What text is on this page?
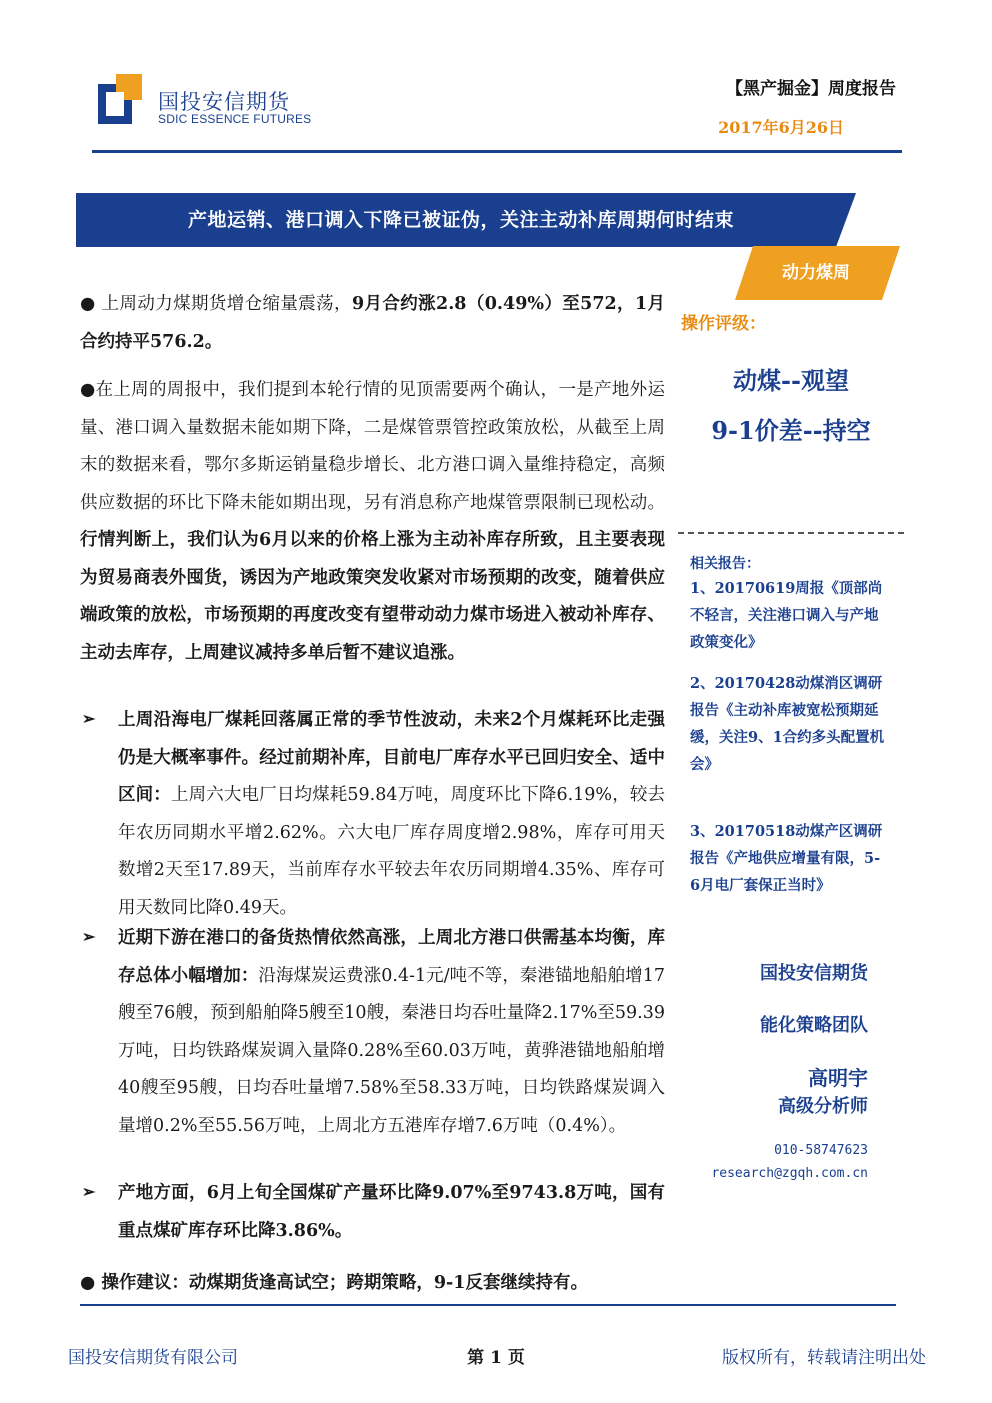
国投安信期货
SDIC ESSENCE FUTURES
【黑产掘金】周度报告
2017年6月26日
产地运销、港口调入下降已被证伪，关注主动补库周期何时结束
动力煤周
操作评级：
动煤--观望
9-1价差--持空
相关报告：
1、20170619周报《顶部尚不轻言，关注港口调入与产地政策变化》
2、20170428动煤消区调研报告《主动补库被宽松预期延缓，关注9、1合约多头配置机会》
3、20170518动煤产区调研报告《产地供应增量有限，5-6月电厂套保正当时》
国投安信期货
能化策略团队
高明宇
高级分析师
010-58747623
research@zgqh.com.cn
● 上周动力煤期货增仓缩量震荡，9月合约涨2.8（0.49%）至572，1月合约持平576.2。
●在上周的周报中，我们提到本轮行情的见顶需要两个确认，一是产地外运量、港口调入量数据未能如期下降，二是煤管票管控政策放松，从截至上周末的数据来看，鄂尔多斯运销量稳步增长、北方港口调入量维持稳定，高频供应数据的环比下降未能如期出现，另有消息称产地煤管票限制已现松动。行情判断上，我们认为6月以来的价格上涨为主动补库存所致，且主要表现为贸易商表外囤货，诱因为产地政策突发收紧对市场预期的改变，随着供应端政策的放松，市场预期的再度改变有望带动动力煤市场进入被动补库存、主动去库存，上周建议减持多单后暂不建议追涨。
➢ 上周沿海电厂煤耗回落属正常的季节性波动，未来2个月煤耗环比走强仍是大概率事件。经过前期补库，目前电厂库存水平已回归安全、适中区间：上周六大电厂日均煤耗59.84万吨，周度环比下降6.19%，较去年农历同期水平增2.62%。六大电厂库存周度增2.98%，库存可用天数增2天至17.89天，当前库存水平较去年农历同期增4.35%、库存可用天数同比降0.49天。
➢ 近期下游在港口的备货热情依然高涨，上周北方港口供需基本均衡，库存总体小幅增加：沿海煤炭运费涨0.4-1元/吨不等，秦港锚地船舶增17艘至76艘，预到船舶降5艘至10艘，秦港日均吞吐量降2.17%至59.39万吨，日均铁路煤炭调入量降0.28%至60.03万吨，黄骅港锚地船舶增40艘至95艘，日均吞吐量增7.58%至58.33万吨，日均铁路煤炭调入量增0.2%至55.56万吨，上周北方五港库存增7.6万吨（0.4%）。
➢ 产地方面，6月上旬全国煤矿产量环比降9.07%至9743.8万吨，国有重点煤矿库存环比降3.86%。
● 操作建议：动煤期货逢高试空；跨期策略，9-1反套继续持有。
国投安信期货有限公司	第 1 页	版权所有，转载请注明出处
